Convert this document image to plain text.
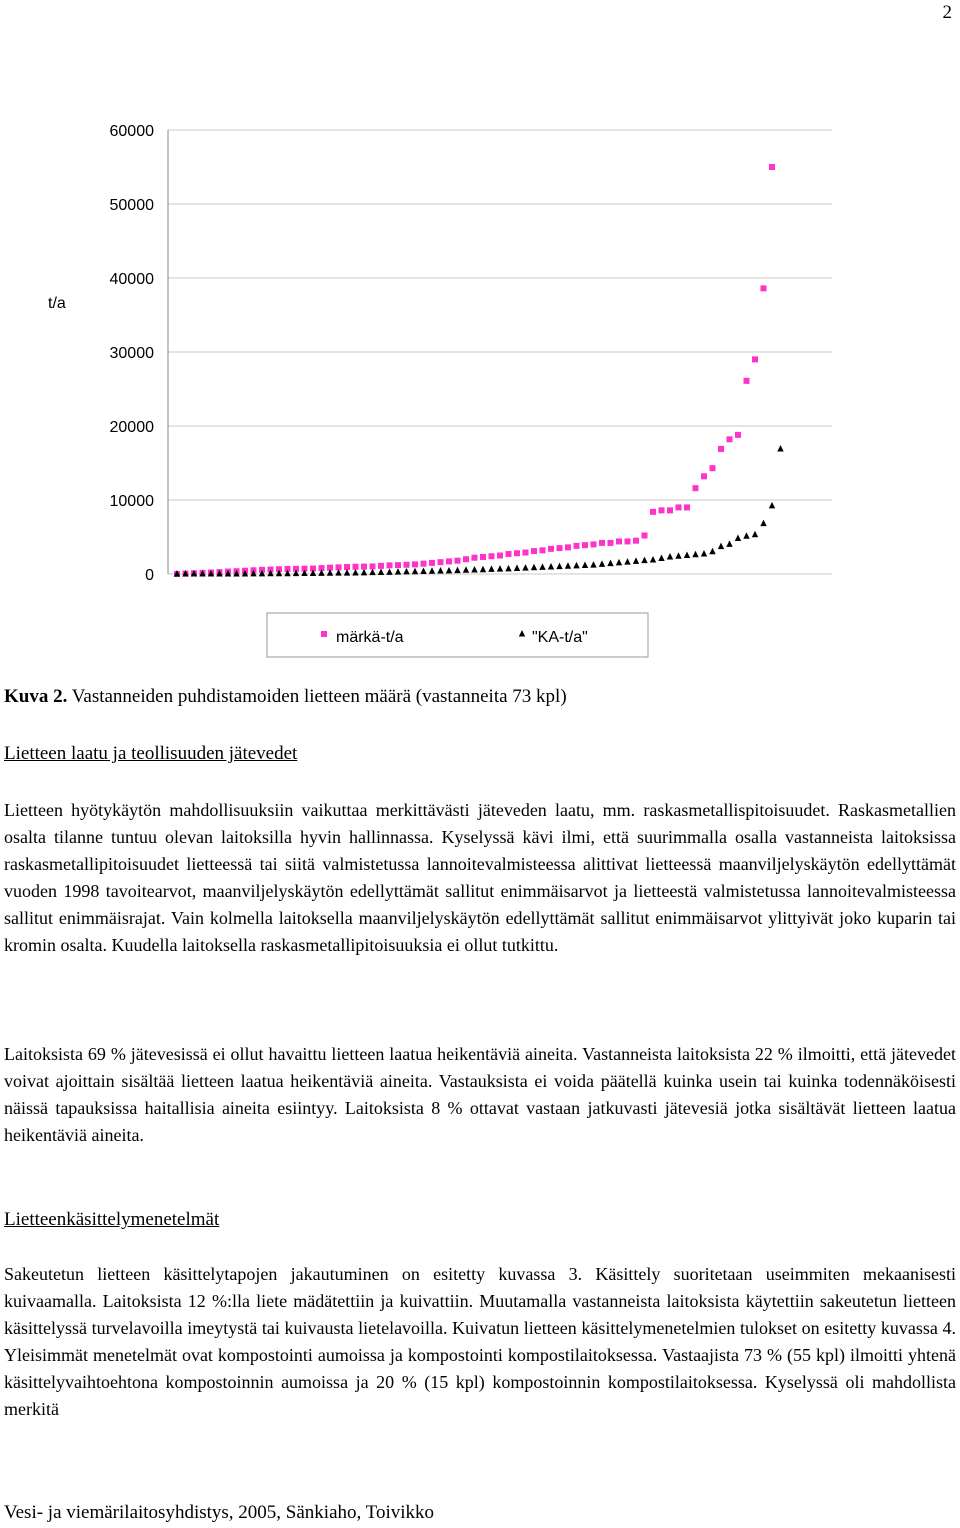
2
0
10000
20000
30000
40000
50000
60000
t/a
märkä-t/a	"KA-t/a"
Kuva 2. Vastanneiden puhdistamoiden lietteen määrä (vastanneita 73 kpl)
Lietteen laatu ja teollisuuden jätevedet
Lietteen hyötykäytön mahdollisuuksiin vaikuttaa merkittävästi jäteveden laatu, mm. raskasmetallispitoisuudet. Raskasmetallien osalta tilanne tuntuu olevan laitoksilla hyvin hallinnassa. Kyselyssä kävi ilmi, että suurimmalla osalla vastanneista laitoksissa raskasmetallipitoisuudet lietteessä tai siitä valmistetussa lannoitevalmisteessa alittivat lietteessä maanviljelyskäytön edellyttämät vuoden 1998 tavoitearvot, maanviljelyskäytön edellyttämät sallitut enimmäisarvot ja lietteestä valmistetussa lannoitevalmisteessa sallitut enimmäisrajat. Vain kolmella laitoksella maanviljelyskäytön edellyttämät sallitut enimmäisarvot ylittyivät joko kuparin tai kromin osalta. Kuudella laitoksella raskasmetallipitoisuuksia ei ollut tutkittu.
Laitoksista 69 % jätevesissä ei ollut havaittu lietteen laatua heikentäviä aineita. Vastanneista laitoksista 22 % ilmoitti, että jätevedet voivat ajoittain sisältää lietteen laatua heikentäviä aineita. Vastauksista ei voida päätellä kuinka usein tai kuinka todennäköisesti näissä tapauksissa haitallisia aineita esiintyy. Laitoksista 8 % ottavat vastaan jatkuvasti jätevesiä jotka sisältävät lietteen laatua heikentäviä aineita.
Lietteenkäsittelymenetelmät
Sakeutetun lietteen käsittelytapojen jakautuminen on esitetty kuvassa 3. Käsittely suoritetaan useimmiten mekaanisesti kuivaamalla. Laitoksista 12 %:lla liete mädätettiin ja kuivattiin. Muutamalla vastanneista laitoksista käytettiin sakeutetun lietteen käsittelyssä turvelavoilla imeytystä tai kuivausta lietelavoilla. Kuivatun lietteen käsittelymenetelmien tulokset on esitetty kuvassa 4. Yleisimmät menetelmät ovat kompostointi aumoissa ja kompostointi kompostilaitoksessa. Vastaajista 73 % (55 kpl) ilmoitti yhtenä käsittelyvaihtoehtona kompostoinnin aumoissa ja 20 % (15 kpl) kompostoinnin kompostilaitoksessa. Kyselyssä oli mahdollista merkitä
Vesi- ja viemärilaitosyhdistys, 2005, Sänkiaho, Toivikko
